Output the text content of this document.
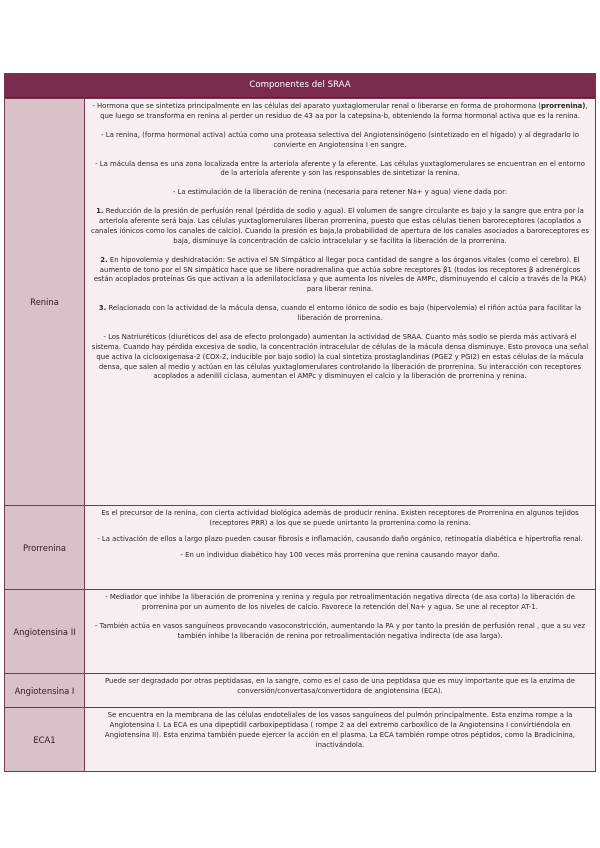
Componentes del SRAA
Renina

- Hormona que se sintetiza principalmente en las células del aparato yuxtaglomerular renal o liberarse en forma de prohormona (prorrenina), que luego se transforma en renina al perder un residuo de 43 aa por la catepsina-b, obteniendo la forma hormonal activa que es la renina.

- La renina, (forma hormonal activa) actúa como una proteasa selectiva del Angiotensinógeno (sintetizado en el hígado) y al degradarlo lo convierte en Angiotensina I en sangre.

- La mácula densa es una zona localizada entre la arteriola aferente y la eferente. Las células yuxtaglomerulares se encuentran en el entorno de la arteriola aferente y son las responsables de sintetizar la renina.

- La estimulación de la liberación de renina (necesaria para retener Na+ y agua) viene dada por:

1. Reducción de la presión de perfusión renal (pérdida de sodio y agua). El volumen de sangre circulante es bajo y la sangre que entra por la arteriola aferente será baja. Las células yuxtaglomerulares liberan prorrenina, puesto que estas células tienen baroreceptores (acoplados a canales iónicos como los canales de calcio). Cuando la presión es baja,la probabilidad de apertura de los canales asociados a baroreceptores es baja, disminuye la concentración de calcio intracelular y se facilita la liberación de la prorrenina.

2. En hipovolemia y deshidratación: Se activa el SN Simpático al llegar poca cantidad de sangre a los órganos vitales (como el cerebro). El aumento de tono por el SN simpático hace que se libere noradrenalina que actúa sobre receptores β1 (todos los receptores β adrenérgicos están acoplados proteínas Gs que activan a la adenilatociclasa y que aumenta los niveles de AMPc, disminuyendo el calcio a través de la PKA) para liberar renina.

3. Relacionado con la actividad de la mácula densa, cuando el entorno iónico de sodio es bajo (hipervolemia) el riñón actúa para facilitar la liberación de prorrenina.

- Los Natriuréticos (diuréticos del asa de efecto prolongado) aumentan la actividad de SRAA. Cuanto más sodio se pierda más activará el sistema. Cuando hay pérdida excesiva de sodio, la concentración intracelular de células de la mácula densa disminuye. Esto provoca una señal que activa la ciclooxigenasa-2 (COX-2, inducible por bajo sodio) la cual sintetiza prostaglandinas (PGE2 y PGI2) en estas células de la mácula densa, que salen al medio y actúan en las células yuxtaglomerulares controlando la liberación de prorrenina. Su interacción con receptores acoplados a adenilil ciclasa, aumentan el AMPc y disminuyen el calcio y la liberación de prorrenina y renina.

Prorrenina

Es el precursor de la renina, con cierta actividad biológica además de producir renina. Existen receptores de Prorrenina en algunos tejidos (receptores PRR) a los que se puede unirtanto la prorrenina como la renina.

- La activación de ellos a largo plazo pueden causar fibrosis e inflamación, causando daño orgánico, retinopatía diabética e hipertrofia renal.

- En un individuo diabético hay 100 veces más prorrenina que renina causando mayor daño.

Angiotensina II

- Mediador que inhibe la liberación de prorrenina y renina y regula por retroalimentación negativa directa (de asa corta) la liberación de prorrenina por un aumento de los niveles de calcio. Favorece la retención del Na+ y agua. Se une al receptor AT-1.

- También actúa en vasos sanguíneos provocando vasoconstricción, aumentando la PA y por tanto la presión de perfusión renal , que a su vez también inhibe la liberación de renina por retroalimentación negativa indirecta (de asa larga).

Angiotensina I

Puede ser degradado por otras peptidasas, en la sangre, como es el caso de una peptidasa que es muy importante que es la enzima de conversión/convertasa/convertidora de angiotensina (ECA).

ECA1

Se encuentra en la membrana de las células endoteliales de los vasos sanguíneos del pulmón principalmente. Esta enzima rompe a la Angiotensina I. La ECA es una dipeptidil carboxipeptidasa ( rompe 2 aa del extremo carboxílico de la Angiotensina I convirtiéndola en Angiotensina II). Esta enzima también puede ejercer la acción en el plasma. La ECA también rompe otros péptidos, como la Bradicinina, inactivándola.
